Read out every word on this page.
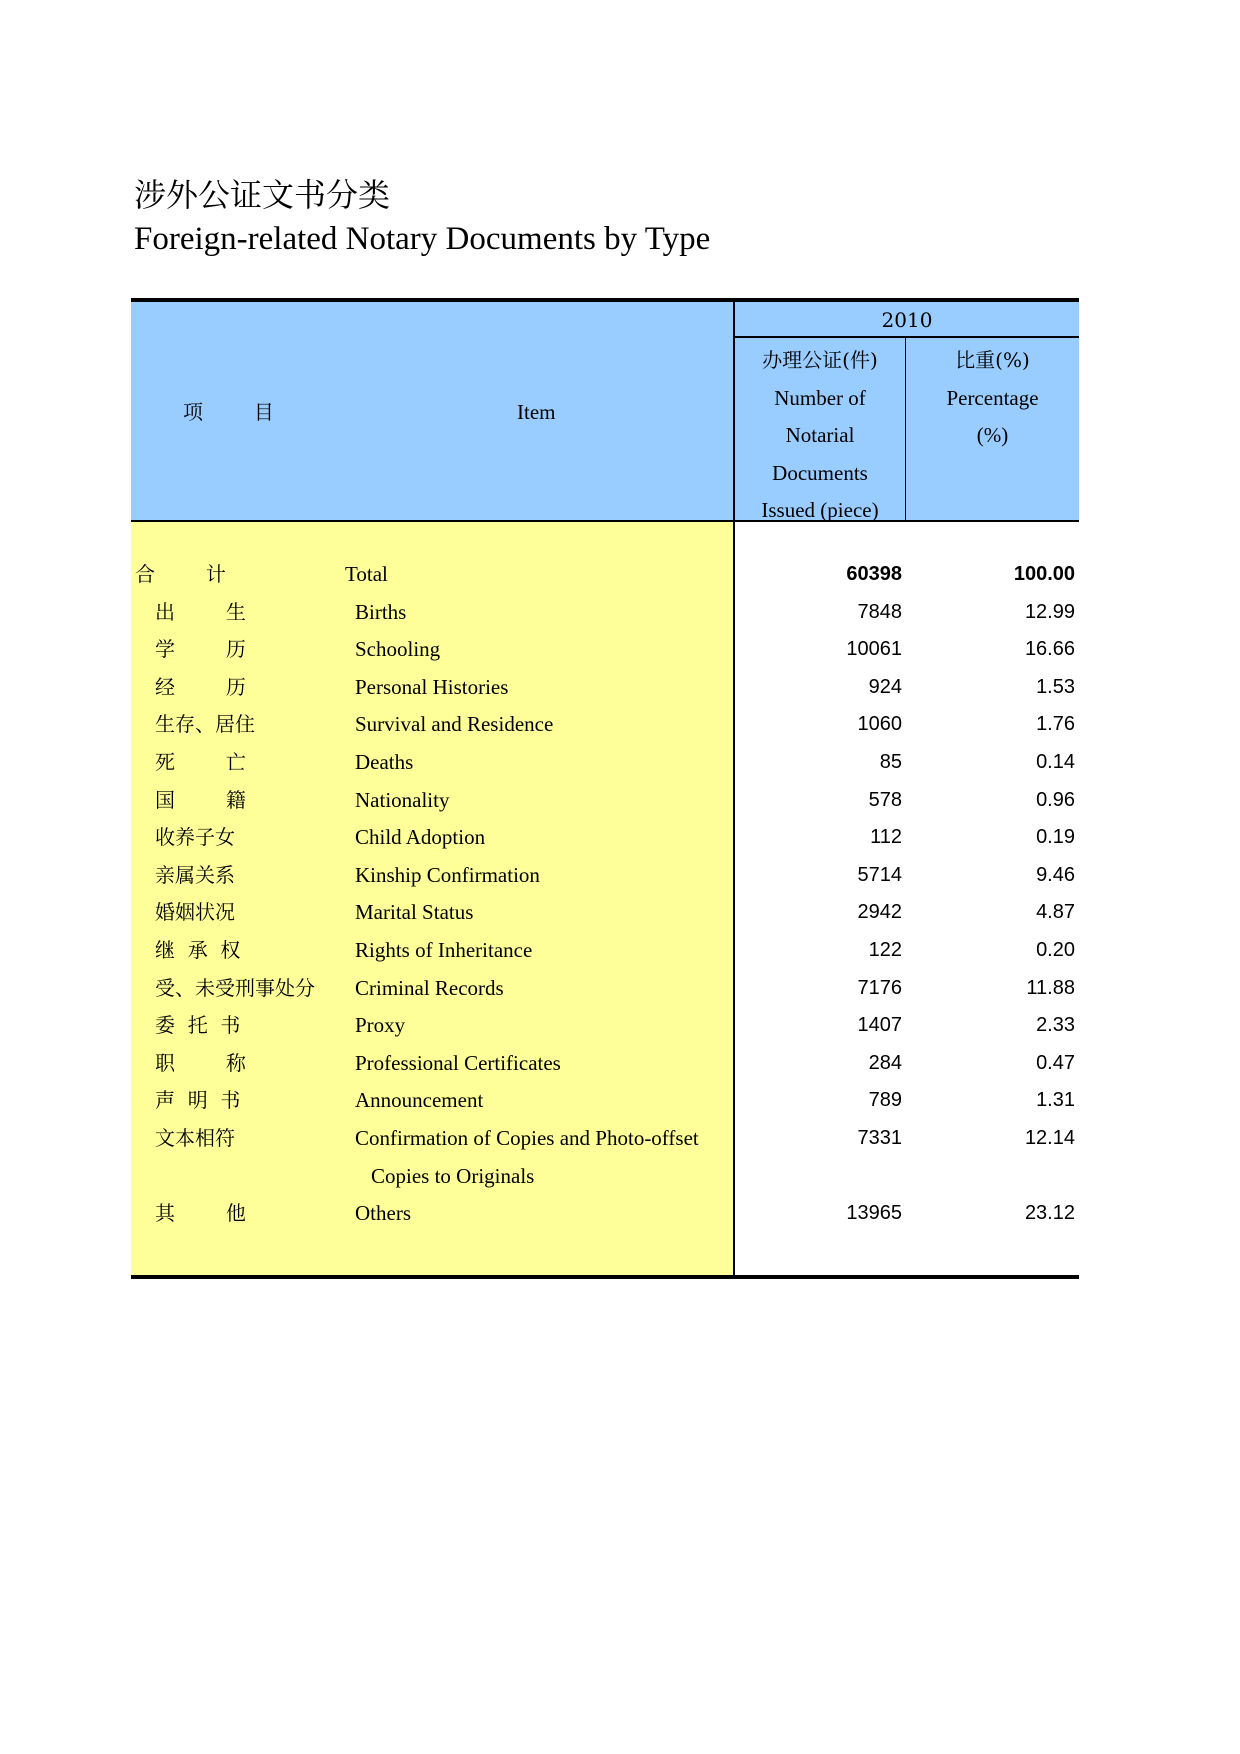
涉外公证文书分类
Foreign-related Notary Documents by Type
项        目	Item
2010
办理公证(件)
Number of
Notarial
Documents
Issued (piece)
比重(%)
Percentage
(%)
合        计	Total	60398	100.00
出        生	Births	7848	12.99
学        历	Schooling	10061	16.66
经        历	Personal Histories	924	1.53
生存、居住	Survival and Residence	1060	1.76
死        亡	Deaths	85	0.14
国        籍	Nationality	578	0.96
收养子女	Child Adoption	112	0.19
亲属关系	Kinship Confirmation	5714	9.46
婚姻状况	Marital Status	2942	4.87
继  承  权	Rights of Inheritance	122	0.20
受、未受刑事处分 Criminal Records	7176	11.88
委  托  书	Proxy	1407	2.33
职        称	Professional Certificates	284	0.47
声  明  书	Announcement	789	1.31
文本相符	Confirmation of Copies and Photo-offset	7331	12.14
Copies to Originals
其        他	Others	13965	23.12
